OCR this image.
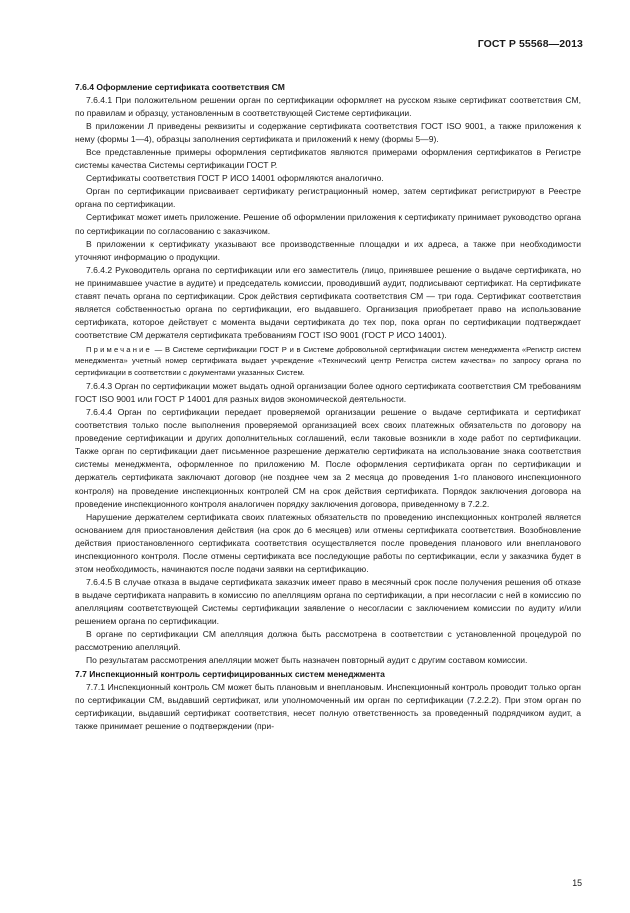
ГОСТ Р 55568—2013

7.6.4 Оформление сертификата соответствия СМ

7.6.4.1 При положительном решении орган по сертификации оформляет на русском языке сертификат соответствия СМ, по правилам и образцу, установленным в соответствующей Системе сертификации.

В приложении Л приведены реквизиты и содержание сертификата соответствия ГОСТ ISO 9001, а также приложения к нему (формы 1—4), образцы заполнения сертификата и приложений к нему (формы 5—9).

Все представленные примеры оформления сертификатов являются примерами оформления сертификатов в Регистре системы качества Системы сертификации ГОСТ Р.

Сертификаты соответствия ГОСТ Р ИСО 14001 оформляются аналогично.

Орган по сертификации присваивает сертификату регистрационный номер, затем сертификат регистрируют в Реестре органа по сертификации.

Сертификат может иметь приложение. Решение об оформлении приложения к сертификату принимает руководство органа по сертификации по согласованию с заказчиком.

В приложении к сертификату указывают все производственные площадки и их адреса, а также при необходимости уточняют информацию о продукции.

7.6.4.2 Руководитель органа по сертификации или его заместитель (лицо, принявшее решение о выдаче сертификата, но не принимавшее участие в аудите) и председатель комиссии, проводивший аудит, подписывают сертификат. На сертификате ставят печать органа по сертификации. Срок действия сертификата соответствия СМ — три года. Сертификат соответствия является собственностью органа по сертификации, его выдавшего. Организация приобретает право на использование сертификата, которое действует с момента выдачи сертификата до тех пор, пока орган по сертификации подтверждает соответствие СМ держателя сертификата требованиям ГОСТ ISO 9001 (ГОСТ Р ИСО 14001).

Примечание — В Системе сертификации ГОСТ Р и в Системе добровольной сертификации систем менеджмента «Регистр систем менеджмента» учетный номер сертификата выдает учреждение «Технический центр Регистра систем качества» по запросу органа по сертификации в соответствии с документами указанных Систем.

7.6.4.3 Орган по сертификации может выдать одной организации более одного сертификата соответствия СМ требованиям ГОСТ ISO 9001 или ГОСТ Р 14001 для разных видов экономической деятельности.

7.6.4.4 Орган по сертификации передает проверяемой организации решение о выдаче сертификата и сертификат соответствия только после выполнения проверяемой организацией всех своих платежных обязательств по договору на проведение сертификации и других дополнительных соглашений, если таковые возникли в ходе работ по сертификации. Также орган по сертификации дает письменное разрешение держателю сертификата на использование знака соответствия системы менеджмента, оформленное по приложению М. После оформления сертификата орган по сертификации и держатель сертификата заключают договор (не позднее чем за 2 месяца до проведения 1-го планового инспекционного контроля) на проведение инспекционных контролей СМ на срок действия сертификата. Порядок заключения договора на проведение инспекционного контроля аналогичен порядку заключения договора, приведенному в 7.2.2.

Нарушение держателем сертификата своих платежных обязательств по проведению инспекционных контролей является основанием для приостановления действия (на срок до 6 месяцев) или отмены сертификата соответствия. Возобновление действия приостановленного сертификата соответствия осуществляется после проведения планового или внепланового инспекционного контроля. После отмены сертификата все последующие работы по сертификации, если у заказчика будет в этом необходимость, начинаются после подачи заявки на сертификацию.

7.6.4.5 В случае отказа в выдаче сертификата заказчик имеет право в месячный срок после получения решения об отказе в выдаче сертификата направить в комиссию по апелляциям органа по сертификации, а при несогласии с ней в комиссию по апелляциям соответствующей Системы сертификации заявление о несогласии с заключением комиссии по аудиту и/или решением органа по сертификации.

В органе по сертификации СМ апелляция должна быть рассмотрена в соответствии с установленной процедурой по рассмотрению апелляций.

По результатам рассмотрения апелляции может быть назначен повторный аудит с другим составом комиссии.

7.7 Инспекционный контроль сертифицированных систем менеджмента

7.7.1 Инспекционный контроль СМ может быть плановым и внеплановым. Инспекционный контроль проводит только орган по сертификации СМ, выдавший сертификат, или уполномоченный им орган по сертификации (7.2.2.2). При этом орган по сертификации, выдавший сертификат соответствия, несет полную ответственность за проведенный подрядчиком аудит, а также принимает решение о подтверждении (при-

15
